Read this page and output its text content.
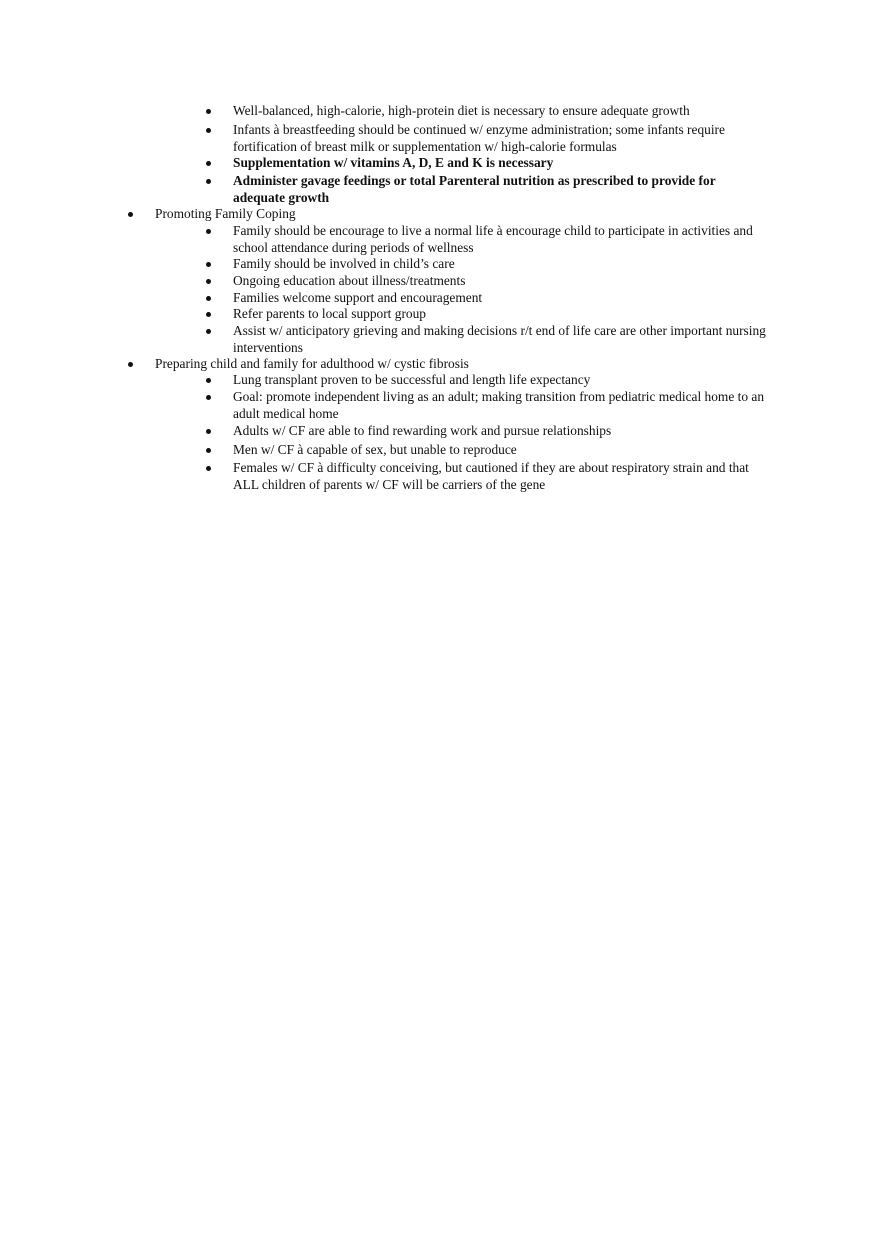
Well-balanced, high-calorie, high-protein diet is necessary to ensure adequate growth

Infants à breastfeeding should be continued w/ enzyme administration; some infants require fortification of breast milk or supplementation w/ high-calorie formulas

Supplementation w/ vitamins A, D, E and K is necessary

Administer gavage feedings or total Parenteral nutrition as prescribed to provide for adequate growth

Promoting Family Coping

Family should be encourage to live a normal life à encourage child to participate in activities and school attendance during periods of wellness

Family should be involved in child’s care

Ongoing education about illness/treatments

Families welcome support and encouragement

Refer parents to local support group

Assist w/ anticipatory grieving and making decisions r/t end of life care are other important nursing interventions

Preparing child and family for adulthood w/ cystic fibrosis

Lung transplant proven to be successful and length life expectancy

Goal: promote independent living as an adult; making transition from pediatric medical home to an adult medical home

Adults w/ CF are able to find rewarding work and pursue relationships

Men w/ CF à capable of sex, but unable to reproduce

Females w/ CF à difficulty conceiving, but cautioned if they are about respiratory strain and that ALL children of parents w/ CF will be carriers of the gene
